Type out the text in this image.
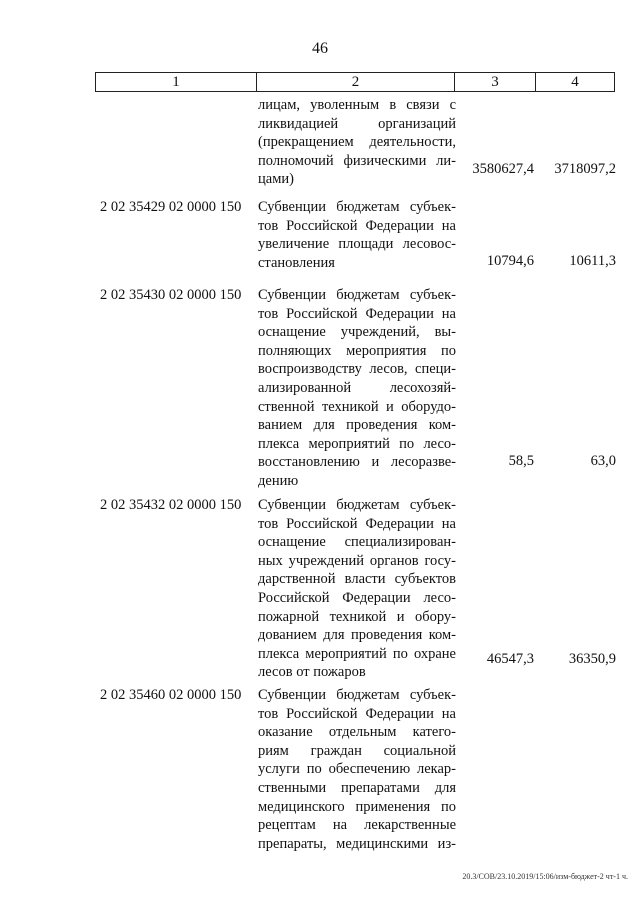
46
1	2	3	4
лицам, уволенным в связи с
ликвидацией организаций
(прекращением деятельности,
полномочий физическими ли-
цами)
3580627,4	3718097,2
2 02 35429 02 0000 150	Субвенции бюджетам субъек-
тов Российской Федерации на
увеличение площади лесовос-
становления	10794,6	10611,3
2 02 35430 02 0000 150	Субвенции бюджетам субъек-
тов Российской Федерации на
оснащение учреждений, вы-
полняющих мероприятия по
воспроизводству лесов, специ-
ализированной лесохозяй-
ственной техникой и оборудо-
ванием для проведения ком-
плекса мероприятий по лесо-
восстановлению и лесоразве-
дению
58,5	63,0
2 02 35432 02 0000 150	Субвенции бюджетам субъек-
тов Российской Федерации на
оснащение специализирован-
ных учреждений органов госу-
дарственной власти субъектов
Российской Федерации лесо-
пожарной техникой и обору-
дованием для проведения ком-
плекса мероприятий по охране
лесов от пожаров
46547,3	36350,9
2 02 35460 02 0000 150	Субвенции бюджетам субъек-
тов Российской Федерации на
оказание отдельным катего-
риям граждан социальной
услуги по обеспечению лекар-
ственными препаратами для
медицинского применения по
рецептам на лекарственные
препараты, медицинскими из-
20.3/СОВ/23.10.2019/15:06/изм-бюджет-2 чт-1 ч.
